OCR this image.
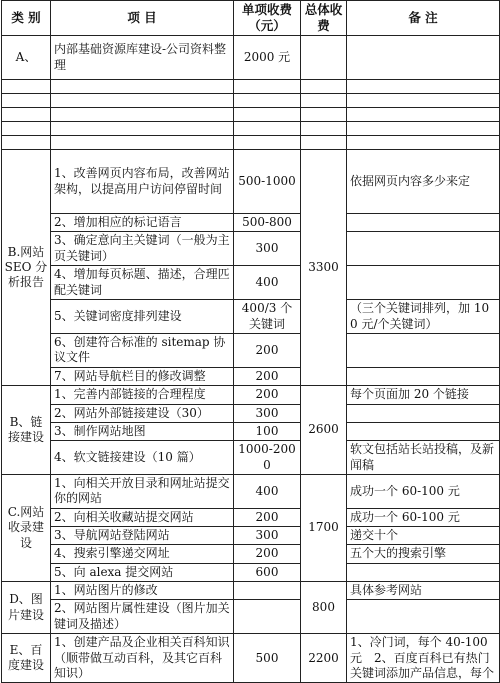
类 别	项 目	单项收费（元）	总体收费	备 注
A、	内部基础资源库建设-公司资料整理	2000 元		

B.网站SEO 分析报告	1、改善网页内容布局，改善网站架构，以提高用户访问停留时间	500-1000	3300	依据网页内容多少来定
	2、增加相应的标记语言	500-800		
	3、确定意向主关键词（一般为主页关键词）	300		
	4、增加每页标题、描述，合理匹配关键词	400		
	5、关键词密度排列建设	400/3 个关键词		（三个关键词排列，加 100 元/个关键词）
	6、创建符合标准的 sitemap 协议文件	200		
	7、网站导航栏目的修改调整	200		
B、链接建设	1、完善内部链接的合理程度	200	2600	每个页面加 20 个链接
	2、网站外部链接建设（30）	300		
	3、制作网站地图	100		
	4、软文链接建设（10 篇）	1000-2000		软文包括站长站投稿，及新闻稿
C.网站收录建设	1、向相关开放目录和网址站提交你的网站	400	1700	成功一个 60-100 元
	2、向相关收藏站提交网站	200		成功一个 60-100 元
	3、导航网站登陆网站	300		递交十个
	4、搜索引擎递交网址	200		五个大的搜索引擎
	5、向 alexa 提交网站	600		
D、图片建设	1、网站图片的修改		800	具体参考网站
	2、网站图片属性建设（图片加关键词及描述）			
E、百度建设	1、创建产品及企业相关百科知识（顺带做互动百科，及其它百科知识）	500	2200	1、冷门词，每个 40-100 元　2、百度百科已有热门关键词添加产品信息，每个
